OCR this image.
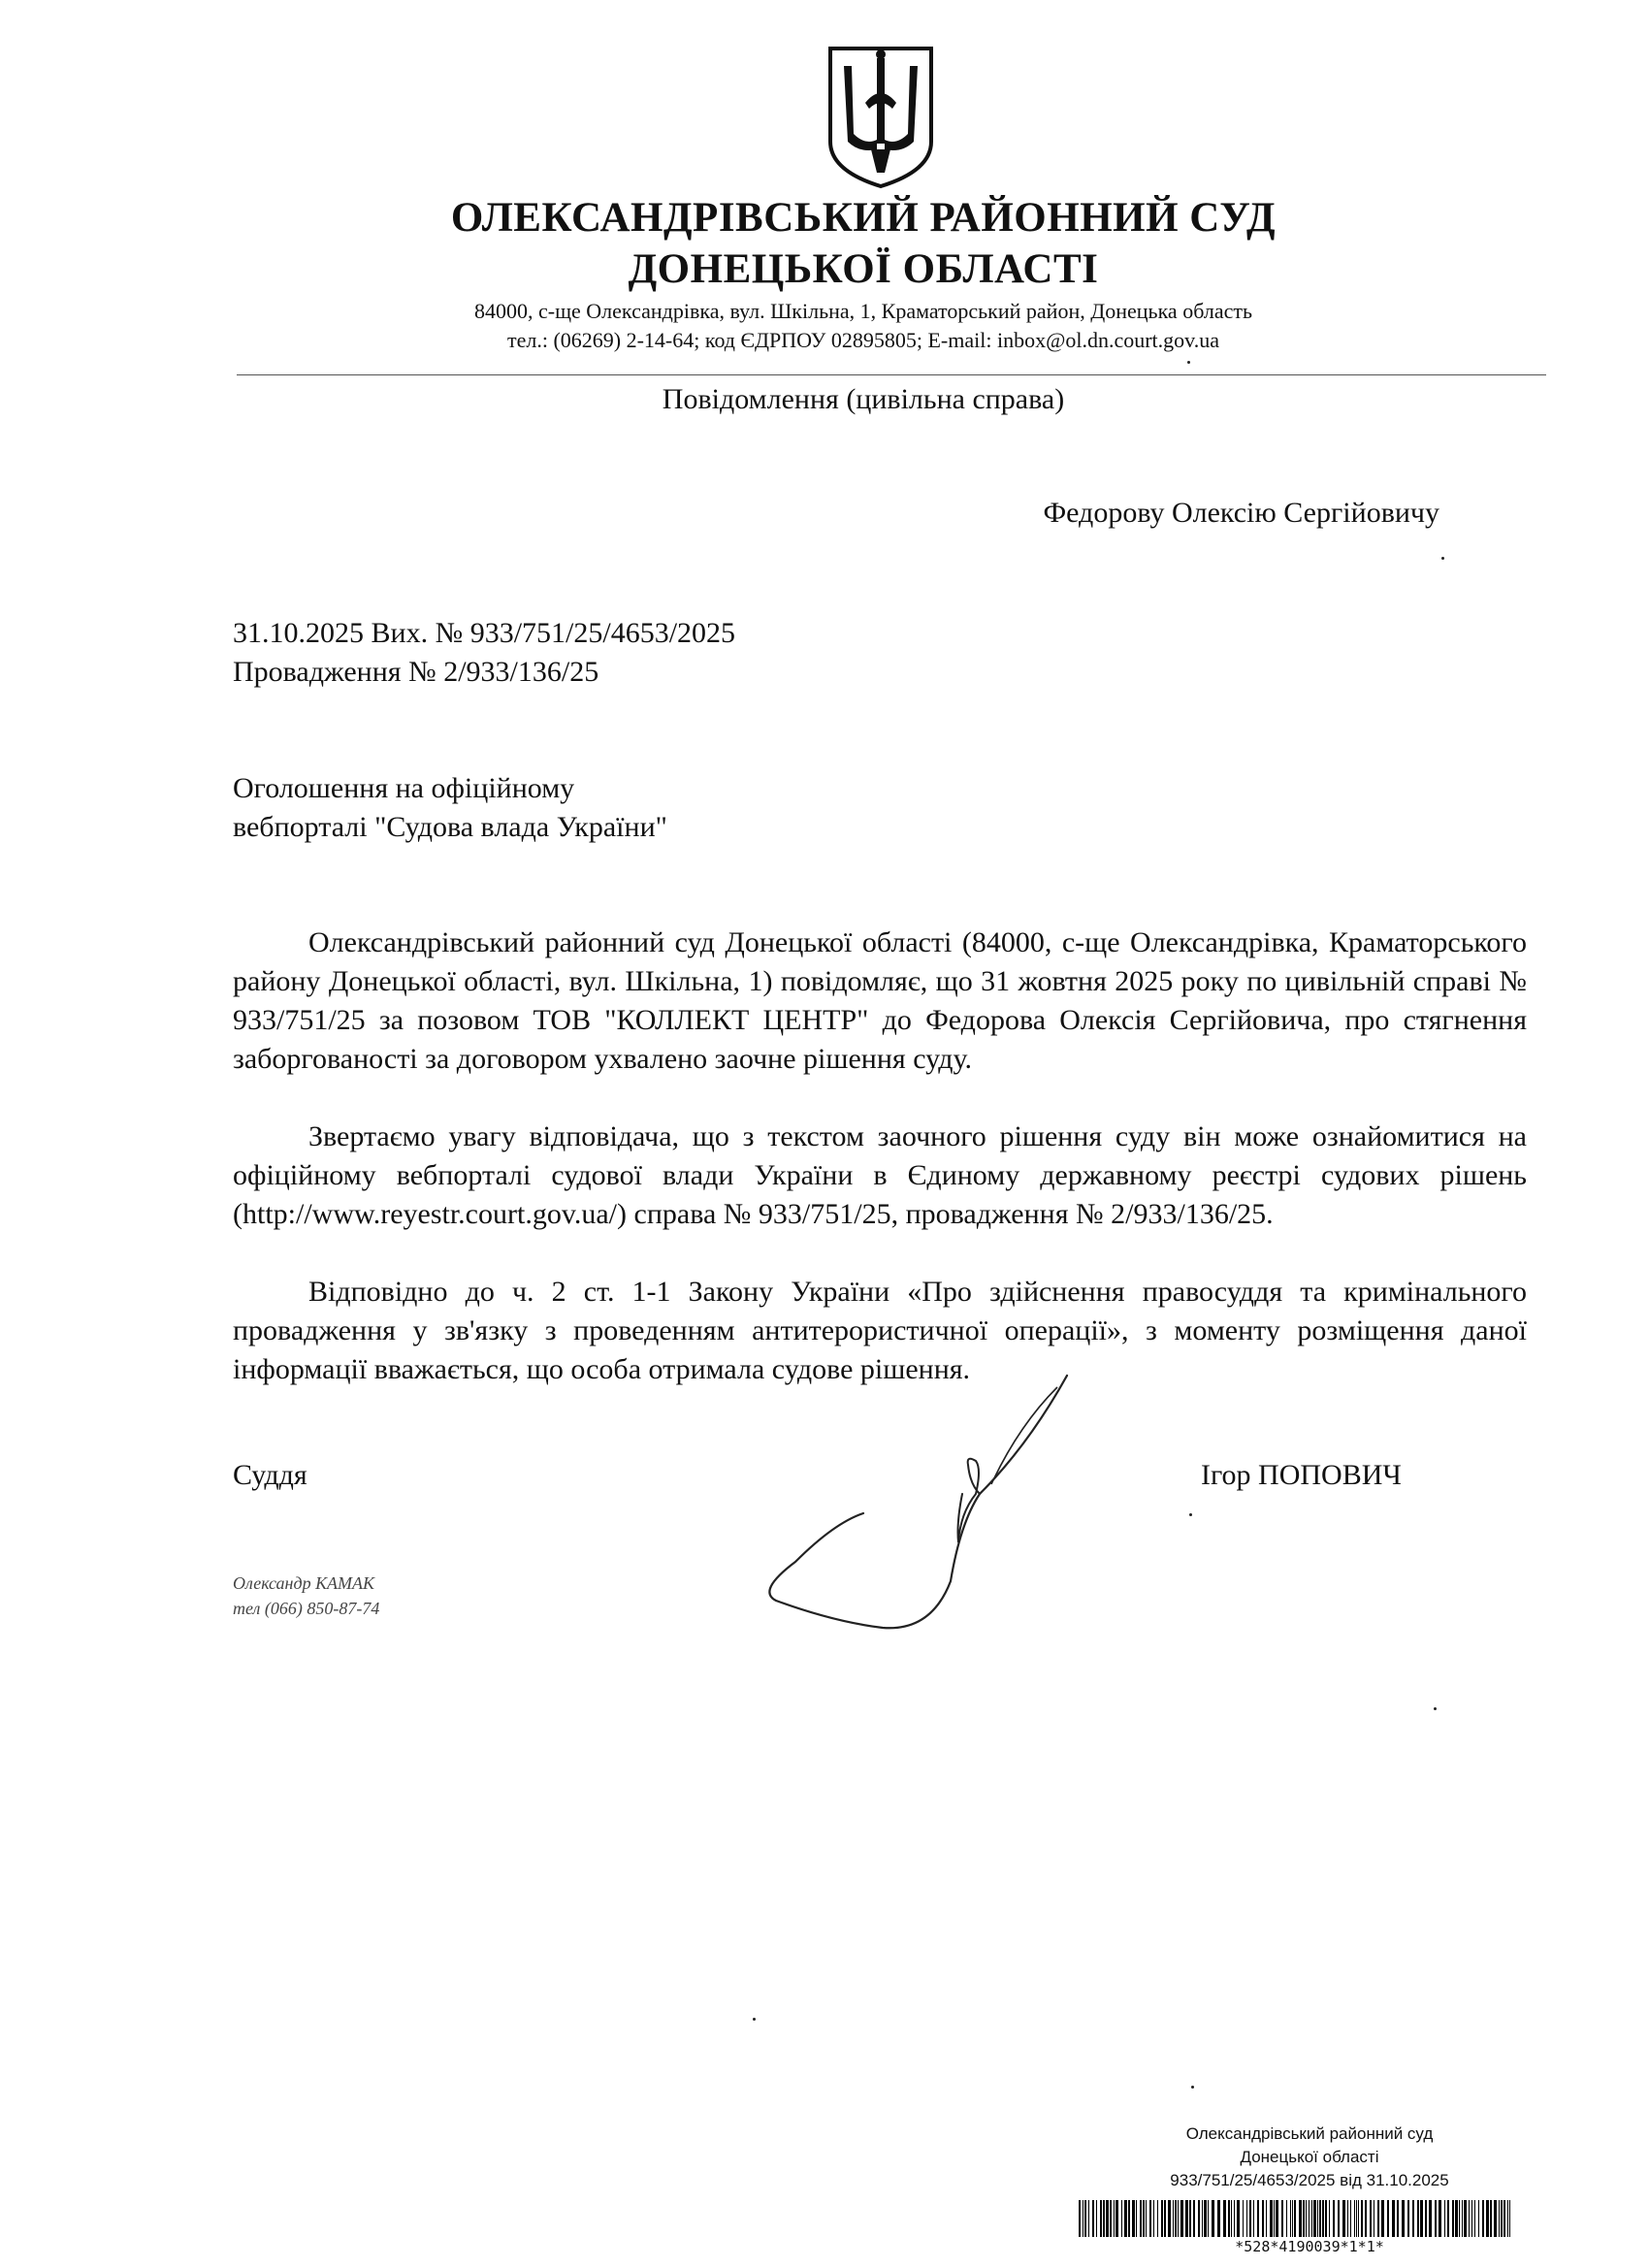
ОЛЕКСАНДРІВСЬКИЙ РАЙОННИЙ СУД
ДОНЕЦЬКОЇ ОБЛАСТІ
84000, с-ще Олександрівка, вул. Шкільна, 1, Краматорський район, Донецька область
тел.: (06269) 2-14-64; код ЄДРПОУ 02895805; E-mail: inbox@ol.dn.court.gov.ua
Повідомлення (цивільна справа)
Федорову Олексію Сергійовичу
31.10.2025 Вих. № 933/751/25/4653/2025
Провадження № 2/933/136/25
Оголошення на офіційному
вебпорталі "Судова влада України"
Олександрівський районний суд Донецької області (84000, с-ще Олександрівка, Краматорського району Донецької області, вул. Шкільна, 1) повідомляє, що 31 жовтня 2025 року по цивільній справі № 933/751/25 за позовом ТОВ "КОЛЛЕКТ ЦЕНТР" до Федорова Олексія Сергійовича, про стягнення заборгованості за договором ухвалено заочне рішення суду.
Звертаємо увагу відповідача, що з текстом заочного рішення суду він може ознайомитися на офіційному вебпорталі судової влади України в Єдиному державному реєстрі судових рішень (http://www.reyestr.court.gov.ua/) справа № 933/751/25, провадження № 2/933/136/25.
Відповідно до ч. 2 ст. 1-1 Закону України «Про здійснення правосуддя та кримінального провадження у зв'язку з проведенням антитерористичної операції», з моменту розміщення даної інформації вважається, що особа отримала судове рішення.
Суддя	Ігор ПОПОВИЧ
Олександр КАМАК
тел (066) 850-87-74
Олександрівський районний суд
Донецької області
933/751/25/4653/2025 від 31.10.2025
*528*4190039*1*1*
